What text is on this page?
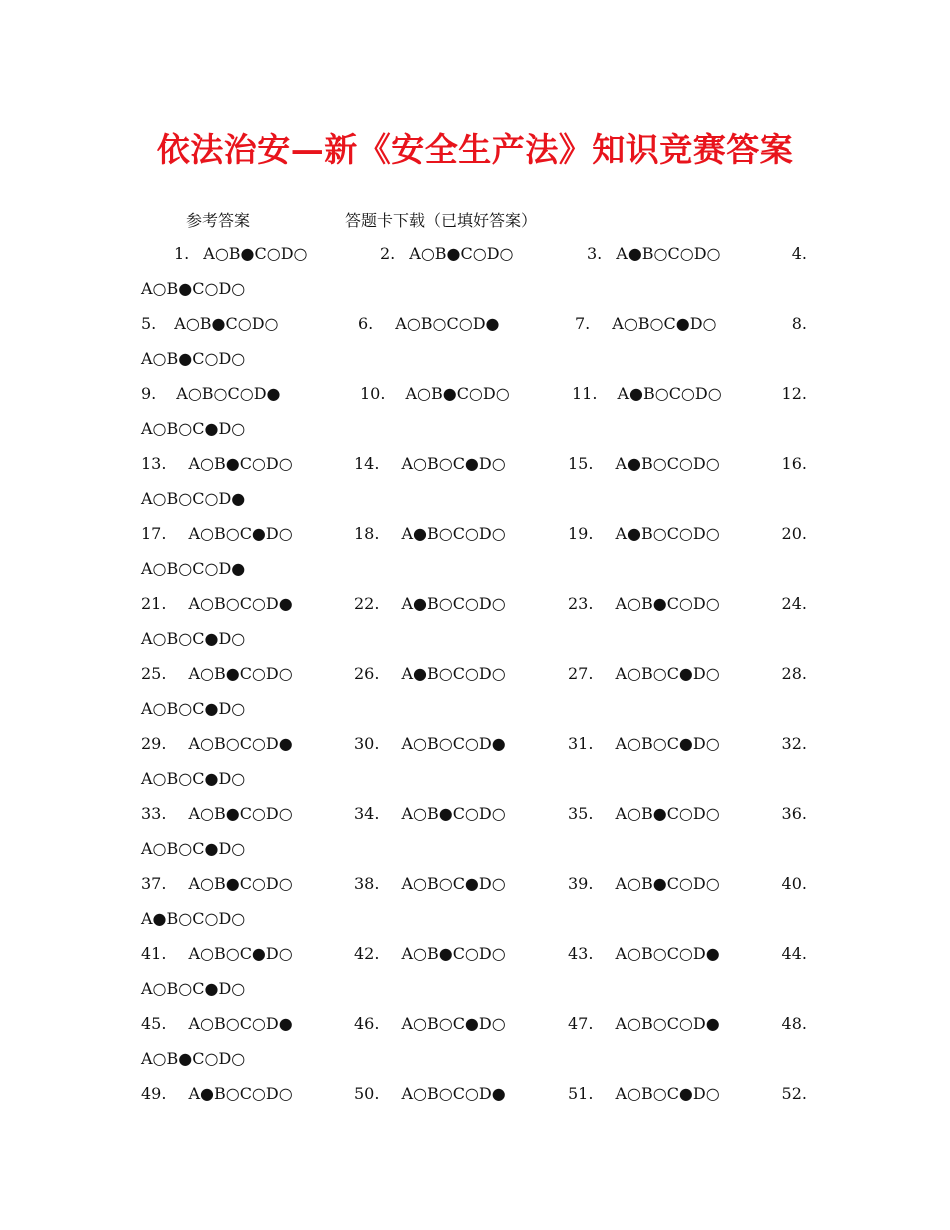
依法治安—新《安全生产法》知识竞赛答案
参考答案	答题卡下载（已填好答案）
1. A○B●C○D○	2. A○B●C○D○	3. A●B○C○D○	4.
A○B●C○D○
5. A○B●C○D○	6. A○B○C○D●	7. A○B○C●D○	8.
A○B●C○D○
9. A○B○C○D●	10. A○B●C○D○	11. A●B○C○D○	12.
A○B○C●D○
13. A○B●C○D○	14. A○B○C●D○	15. A●B○C○D○	16.
A○B○C○D●
17. A○B○C●D○	18. A●B○C○D○	19. A●B○C○D○	20.
A○B○C○D●
21. A○B○C○D●	22. A●B○C○D○	23. A○B●C○D○	24.
A○B○C●D○
25. A○B●C○D○	26. A●B○C○D○	27. A○B○C●D○	28.
A○B○C●D○
29. A○B○C○D●	30. A○B○C○D●	31. A○B○C●D○	32.
A○B○C●D○
33. A○B●C○D○	34. A○B●C○D○	35. A○B●C○D○	36.
A○B○C●D○
37. A○B●C○D○	38. A○B○C●D○	39. A○B●C○D○	40.
A●B○C○D○
41. A○B○C●D○	42. A○B●C○D○	43. A○B○C○D●	44.
A○B○C●D○
45. A○B○C○D●	46. A○B○C●D○	47. A○B○C○D●	48.
A○B●C○D○
49. A●B○C○D○	50. A○B○C○D●	51. A○B○C●D○	52.
